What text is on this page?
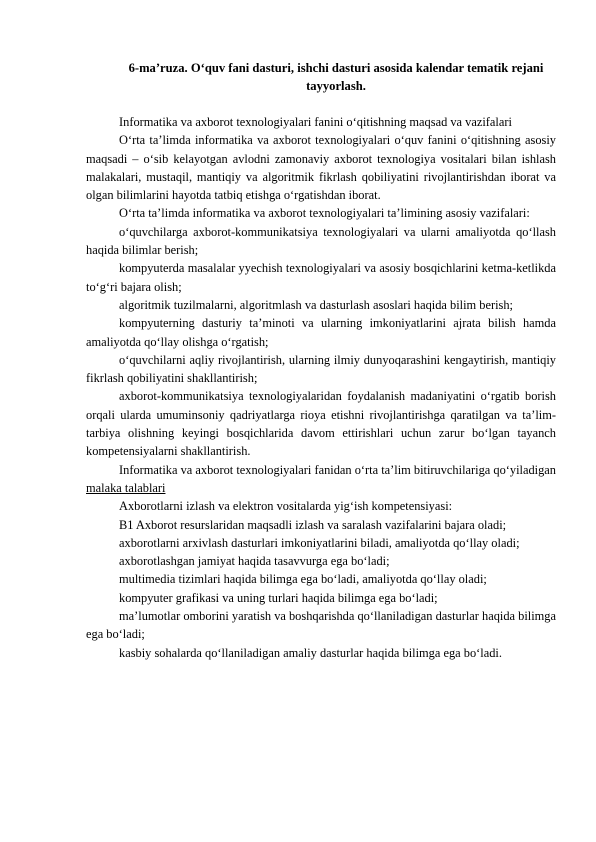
6-ma’ruza. O‘quv fani dasturi, ishchi dasturi asosida kalendar tematik rejani tayyorlash.

Informatika va axborot texnologiyalari fanini o‘qitishning maqsad va vazifalari

O‘rta ta’limda informatika va axborot texnologiyalari o‘quv fanini o‘qitishning asosiy maqsadi – o‘sib kelayotgan avlodni zamonaviy axborot texnologiya vositalari bilan ishlash malakalari, mustaqil, mantiqiy va algoritmik fikrlash qobiliyatini rivojlantirishdan iborat va olgan bilimlarini hayotda tatbiq etishga o‘rgatishdan iborat.

O‘rta ta’limda informatika va axborot texnologiyalari ta’limining asosiy vazifalari:

o‘quvchilarga axborot-kommunikatsiya texnologiyalari va ularni amaliyotda qo‘llash haqida bilimlar berish;

kompyuterda masalalar yyechish texnologiyalari va asosiy bosqichlarini ketma-ketlikda to‘g‘ri bajara olish;

algoritmik tuzilmalarni, algoritmlash va dasturlash asoslari haqida bilim berish;

kompyuterning dasturiy ta’minoti va ularning imkoniyatlarini ajrata bilish hamda amaliyotda qo‘llay olishga o‘rgatish;

o‘quvchilarni aqliy rivojlantirish, ularning ilmiy dunyoqarashini kengaytirish, mantiqiy fikrlash qobiliyatini shakllantirish;

axborot-kommunikatsiya texnologiyalaridan foydalanish madaniyatini o‘rgatib borish orqali ularda umuminsoniy qadriyatlarga rioya etishni rivojlantirishga qaratilgan va ta’lim-tarbiya olishning keyingi bosqichlarida davom ettirishlari uchun zarur bo‘lgan tayanch kompetensiyalarni shakllantirish.

Informatika va axborot texnologiyalari fanidan o‘rta ta’lim bitiruvchilariga qo‘yiladigan malaka talablari

Axborotlarni izlash va elektron vositalarda yig‘ish kompetensiyasi:

B1 Axborot resurslaridan maqsadli izlash va saralash vazifalarini bajara oladi;

axborotlarni arxivlash dasturlari imkoniyatlarini biladi, amaliyotda qo‘llay oladi;

axborotlashgan jamiyat haqida tasavvurga ega bo‘ladi;

multimedia tizimlari haqida bilimga ega bo‘ladi, amaliyotda qo‘llay oladi;

kompyuter grafikasi va uning turlari haqida bilimga ega bo‘ladi;

ma’lumotlar omborini yaratish va boshqarishda qo‘llaniladigan dasturlar haqida bilimga ega bo‘ladi;

kasbiy sohalarda qo‘llaniladigan amaliy dasturlar haqida bilimga ega bo‘ladi.
